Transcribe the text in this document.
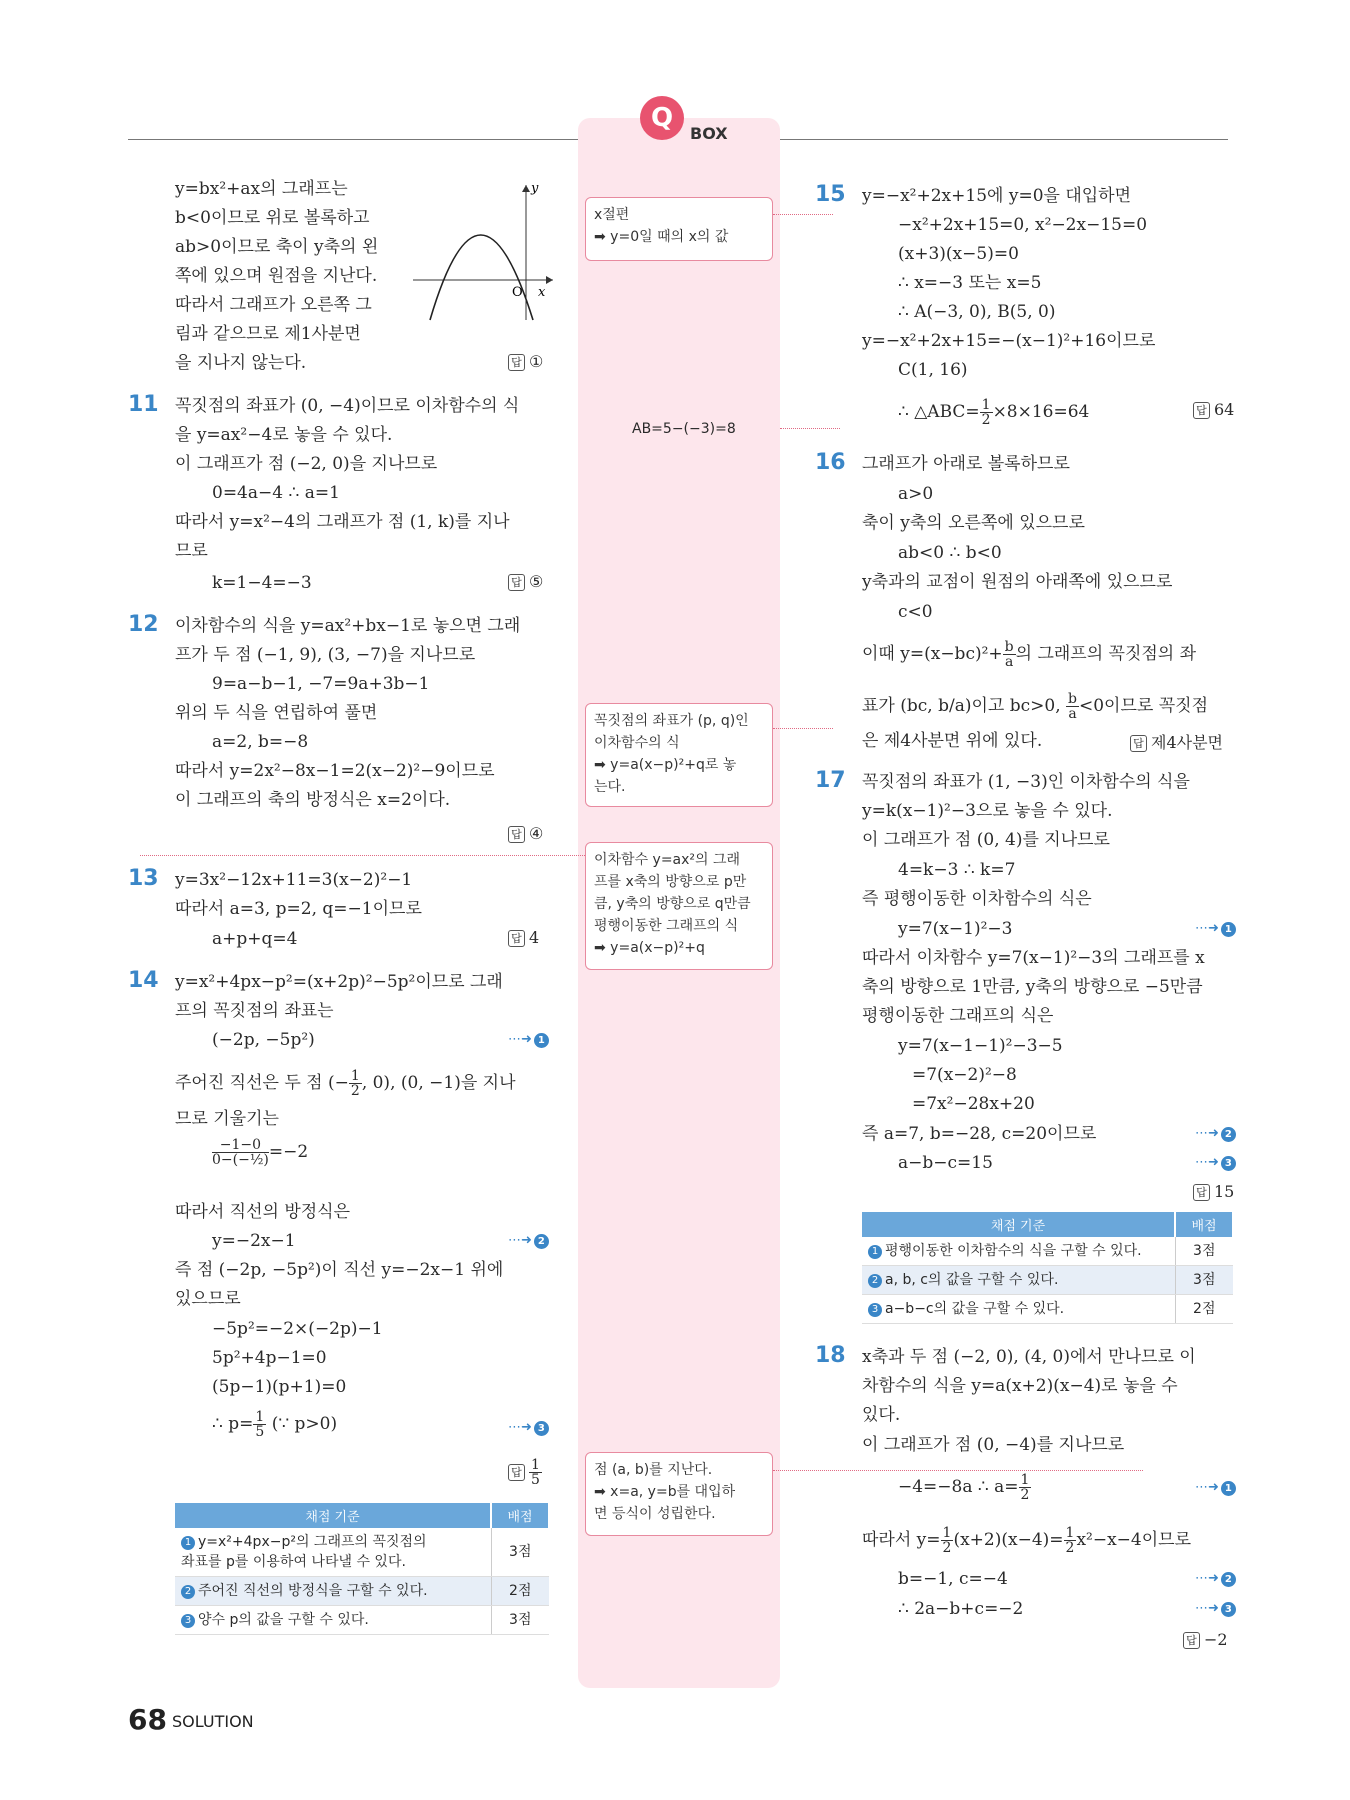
Q
BOX
y=bx²+ax의 그래프는
b<0이므로 위로 볼록하고
ab>0이므로 축이 y축의 왼
쪽에 있으며 원점을 지난다.
따라서 그래프가 오른쪽 그
림과 같으므로 제1사분면
을 지나지 않는다.
y
x
O
답 ①
11 꼭짓점의 좌표가 (0, −4)이므로 이차함수의 식
을 y=ax²−4로 놓을 수 있다.
이 그래프가 점 (−2, 0)을 지나므로
0=4a−4 ∴ a=1
따라서 y=x²−4의 그래프가 점 (1, k)를 지나
므로
k=1−4=−3	답 ⑤
12 이차함수의 식을 y=ax²+bx−1로 놓으면 그래
프가 두 점 (−1, 9), (3, −7)을 지나므로
9=a−b−1, −7=9a+3b−1
위의 두 식을 연립하여 풀면
a=2, b=−8
따라서 y=2x²−8x−1=2(x−2)²−9이므로
이 그래프의 축의 방정식은 x=2이다.
답 ④
13 y=3x²−12x+11=3(x−2)²−1
따라서 a=3, p=2, q=−1이므로
a+p+q=4	답 4
14 y=x²+4px−p²=(x+2p)²−5p²이므로 그래
프의 꼭짓점의 좌표는
(−2p, −5p²)	⋯➜ 1
주어진 직선은 두 점 (− $\frac{1}{2}$ , 0), (0, −1)을 지나
므로 기울기는
$\frac{-1-0}{\text{0−(−½)}} =-2$
따라서 직선의 방정식은
y=−2x−1	⋯➜ 2
즉 점 (−2p, −5p²)이 직선 y=−2x−1 위에
있으므로
−5p²=−2×(−2p)−1
5p²+4p−1=0
(5p−1)(p+1)=0
∴ $p= \frac{1}{5}$ (∵ p>0)	⋯➜ 3
답 $\frac{1}{5}$
채점 기준	배점
1 y=x²+4px−p²의 그래프의 꼭짓점의
좌표를 p를 이용하여 나타낼 수 있다.	3점
2 주어진 직선의 방정식을 구할 수 있다.	2점
3 양수 p의 값을 구할 수 있다.	3점
x절편
➡ y=0일 때의 x의 값
AB=5−(−3)=8
꼭짓점의 좌표가 (p, q)인
이차함수의 식
➡ y=a(x−p)²+q로 놓
는다.
이차함수 y=ax²의 그래
프를 x축의 방향으로 p만
큼, y축의 방향으로 q만큼
평행이동한 그래프의 식
➡ y=a(x−p)²+q
점 (a, b)를 지난다.
➡ x=a, y=b를 대입하
면 등식이 성립한다.
15 y=−x²+2x+15에 y=0을 대입하면
−x²+2x+15=0, x²−2x−15=0
(x+3)(x−5)=0
∴ x=−3 또는 x=5
∴ A(−3, 0), B(5, 0)
y=−x²+2x+15=−(x−1)²+16이므로
C(1, 16)
∴ △ABC= $\frac{1}{2} \times 8\times 16=64$	답 64
16 그래프가 아래로 볼록하므로
a>0
축이 y축의 오른쪽에 있으므로
ab<0 ∴ b<0
y축과의 교점이 원점의 아래쪽에 있으므로
c<0
이때 $y=(x-bc)^2+ \frac{b}{a}$ 의 그래프의 꼭짓점의 좌
표가 (bc, b/a)이고 bc>0, $\frac{b}{a} <0$이므로 꼭짓점
은 제4사분면 위에 있다.	답 제4사분면
17 꼭짓점의 좌표가 (1, −3)인 이차함수의 식을
y=k(x−1)²−3으로 놓을 수 있다.
이 그래프가 점 (0, 4)를 지나므로
4=k−3 ∴ k=7
즉 평행이동한 이차함수의 식은
y=7(x−1)²−3	⋯➜ 1
따라서 이차함수 y=7(x−1)²−3의 그래프를 x
축의 방향으로 1만큼, y축의 방향으로 −5만큼
평행이동한 그래프의 식은
y=7(x−1−1)²−3−5
=7(x−2)²−8
=7x²−28x+20
즉 a=7, b=−28, c=20이므로	⋯➜ 2
a−b−c=15	⋯➜ 3
답 15
채점 기준	배점
1 평행이동한 이차함수의 식을 구할 수 있다.	3점
2 a, b, c의 값을 구할 수 있다.	3점
3 a−b−c의 값을 구할 수 있다.	2점
18 x축과 두 점 (−2, 0), (4, 0)에서 만나므로 이
차함수의 식을 y=a(x+2)(x−4)로 놓을 수
있다.
이 그래프가 점 (0, −4)를 지나므로
−4=−8a ∴ $a= \frac{1}{2}$	⋯➜ 1
따라서 $y= \frac{1}{2} (x+2)(x-4)= \frac{1}{2} x^2-x-4$이므로
b=−1, c=−4	⋯➜ 2
∴ 2a−b+c=−2	⋯➜ 3
답 −2
68 SOLUTION
